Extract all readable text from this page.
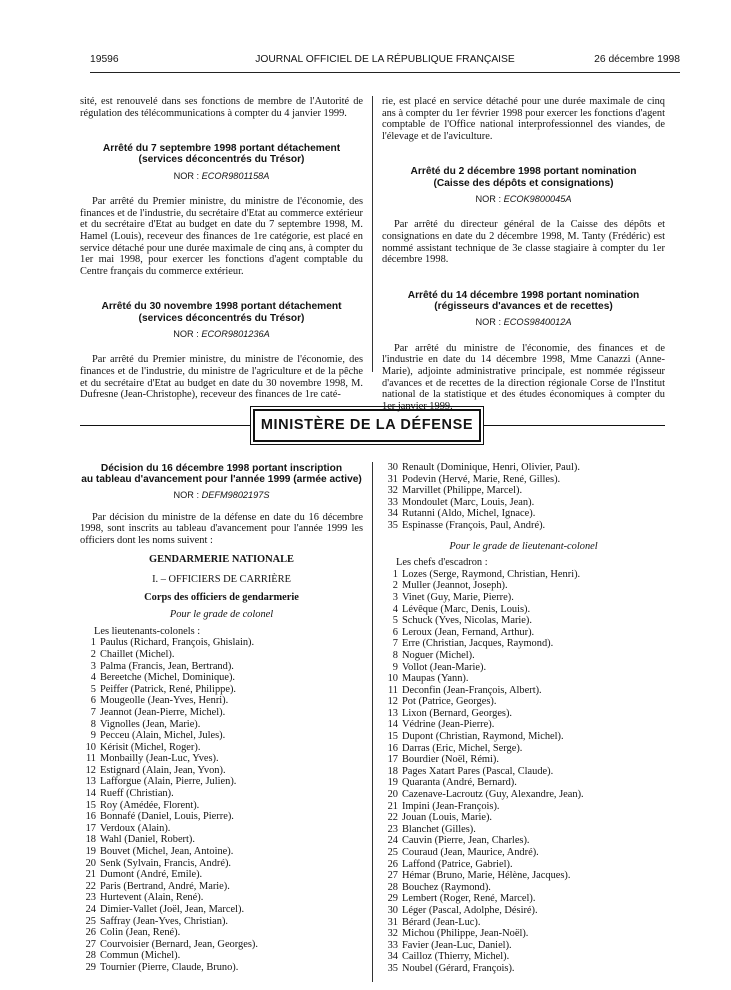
19596	JOURNAL OFFICIEL DE LA RÉPUBLIQUE FRANÇAISE	26 décembre 1998

sité, est renouvelé dans ses fonctions de membre de l'Autorité de régulation des télécommunications à compter du 4 janvier 1999.

Arrêté du 7 septembre 1998 portant détachement
(services déconcentrés du Trésor)
NOR : ECOR9801158A

Par arrêté du Premier ministre, du ministre de l'économie, des finances et de l'industrie, du secrétaire d'Etat au commerce extérieur et du secrétaire d'Etat au budget en date du 7 septembre 1998, M. Hamel (Louis), receveur des finances de 1re catégorie, est placé en service détaché pour une durée maximale de cinq ans, à compter du 1er mai 1998, pour exercer les fonctions d'agent comptable du Centre français du commerce extérieur.

Arrêté du 30 novembre 1998 portant détachement
(services déconcentrés du Trésor)
NOR : ECOR9801236A

Par arrêté du Premier ministre, du ministre de l'économie, des finances et de l'industrie, du ministre de l'agriculture et de la pêche et du secrétaire d'Etat au budget en date du 30 novembre 1998, M. Dufresne (Jean-Christophe), receveur des finances de 1re caté-

rie, est placé en service détaché pour une durée maximale de cinq ans à compter du 1er février 1998 pour exercer les fonctions d'agent comptable de l'Office national interprofessionnel des viandes, de l'élevage et de l'aviculture.

Arrêté du 2 décembre 1998 portant nomination
(Caisse des dépôts et consignations)
NOR : ECOK9800045A

Par arrêté du directeur général de la Caisse des dépôts et consignations en date du 2 décembre 1998, M. Tanty (Frédéric) est nommé assistant technique de 3e classe stagiaire à compter du 1er décembre 1998.

Arrêté du 14 décembre 1998 portant nomination
(régisseurs d'avances et de recettes)
NOR : ECOS9840012A

Par arrêté du ministre de l'économie, des finances et de l'industrie en date du 14 décembre 1998, Mme Canazzi (Anne-Marie), adjointe administrative principale, est nommée régisseur d'avances et de recettes de la direction régionale Corse de l'Institut national de la statistique et des études économiques à compter du 1er janvier 1999.

MINISTÈRE DE LA DÉFENSE
Décision du 16 décembre 1998 portant inscription
au tableau d'avancement pour l'année 1999 (armée active)
NOR : DEFM9802197S

Par décision du ministre de la défense en date du 16 décembre 1998, sont inscrits au tableau d'avancement pour l'année 1999 les officiers dont les noms suivent :

GENDARMERIE NATIONALE
I. – OFFICIERS DE CARRIÈRE
Corps des officiers de gendarmerie
Pour le grade de colonel
Les lieutenants-colonels :
1 Paulus (Richard, François, Ghislain).
2 Chaillet (Michel).
3 Palma (Francis, Jean, Bertrand).
4 Bereetche (Michel, Dominique).
5 Peiffer (Patrick, René, Philippe).
6 Mougeolle (Jean-Yves, Henri).
7 Jeannot (Jean-Pierre, Michel).
8 Vignolles (Jean, Marie).
9 Pecceu (Alain, Michel, Jules).
10 Kérisit (Michel, Roger).
11 Monbailly (Jean-Luc, Yves).
12 Estignard (Alain, Jean, Yvon).
13 Lafforgue (Alain, Pierre, Julien).
14 Rueff (Christian).
15 Roy (Amédée, Florent).
16 Bonnafé (Daniel, Louis, Pierre).
17 Verdoux (Alain).
18 Wahl (Daniel, Robert).
19 Bouvet (Michel, Jean, Antoine).
20 Senk (Sylvain, Francis, André).
21 Dumont (André, Emile).
22 Paris (Bertrand, André, Marie).
23 Hurtevent (Alain, René).
24 Dimier-Vallet (Joël, Jean, Marcel).
25 Saffray (Jean-Yves, Christian).
26 Colin (Jean, René).
27 Courvoisier (Bernard, Jean, Georges).
28 Commun (Michel).
29 Tournier (Pierre, Claude, Bruno).
30 Renault (Dominique, Henri, Olivier, Paul).
31 Podevin (Hervé, Marie, René, Gilles).
32 Marvillet (Philippe, Marcel).
33 Mondoulet (Marc, Louis, Jean).
34 Rutanni (Aldo, Michel, Ignace).
35 Espinasse (François, Paul, André).
Pour le grade de lieutenant-colonel
Les chefs d'escadron :
1 Lozes (Serge, Raymond, Christian, Henri).
2 Muller (Jeannot, Joseph).
3 Vinet (Guy, Marie, Pierre).
4 Lévêque (Marc, Denis, Louis).
5 Schuck (Yves, Nicolas, Marie).
6 Leroux (Jean, Fernand, Arthur).
7 Erre (Christian, Jacques, Raymond).
8 Noguer (Michel).
9 Vollot (Jean-Marie).
10 Maupas (Yann).
11 Deconfin (Jean-François, Albert).
12 Pot (Patrice, Georges).
13 Lixon (Bernard, Georges).
14 Védrine (Jean-Pierre).
15 Dupont (Christian, Raymond, Michel).
16 Darras (Eric, Michel, Serge).
17 Bourdier (Noël, Rémi).
18 Pages Xatart Pares (Pascal, Claude).
19 Quaranta (André, Bernard).
20 Cazenave-Lacroutz (Guy, Alexandre, Jean).
21 Impini (Jean-François).
22 Jouan (Louis, Marie).
23 Blanchet (Gilles).
24 Cauvin (Pierre, Jean, Charles).
25 Couraud (Jean, Maurice, André).
26 Laffond (Patrice, Gabriel).
27 Hémar (Bruno, Marie, Hélène, Jacques).
28 Bouchez (Raymond).
29 Lembert (Roger, René, Marcel).
30 Léger (Pascal, Adolphe, Désiré).
31 Bérard (Jean-Luc).
32 Michou (Philippe, Jean-Noël).
33 Favier (Jean-Luc, Daniel).
34 Cailloz (Thierry, Michel).
35 Noubel (Gérard, François).
